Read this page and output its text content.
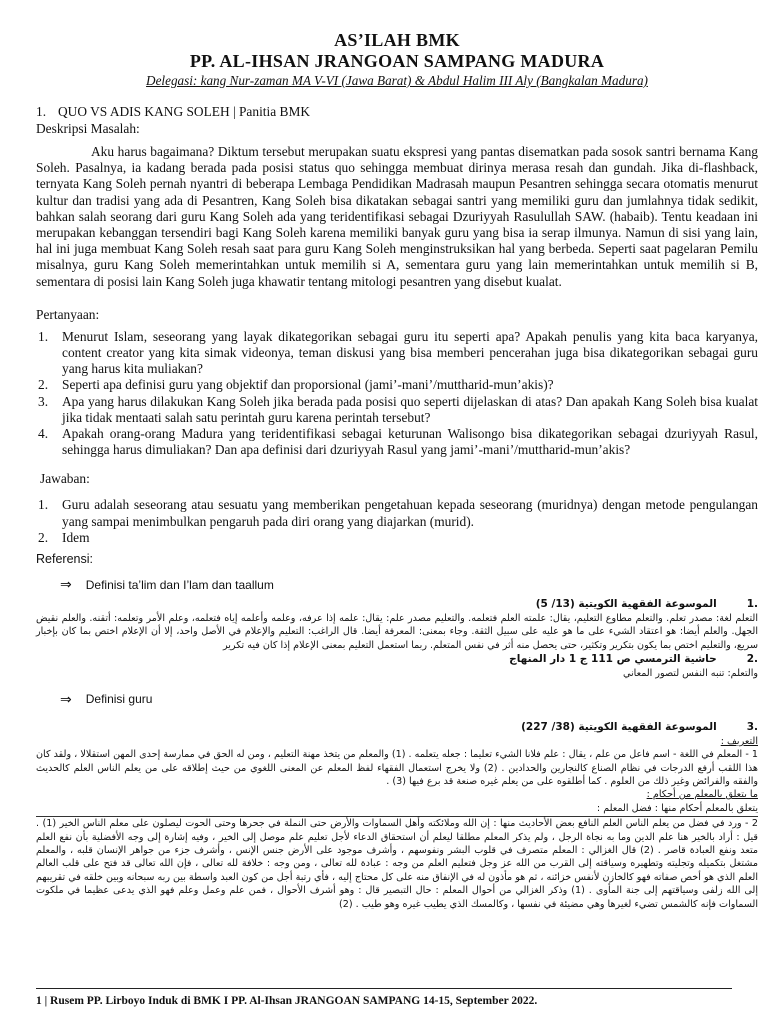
AS’ILAH BMK
PP. AL-IHSAN JRANGOAN SAMPANG MADURA
Delegasi: kang Nur-zaman MA V-VI (Jawa Barat) & Abdul Halim III Aly (Bangkalan Madura)
1. QUO VS ADIS KANG SOLEH | Panitia BMK
Deskripsi Masalah:
Aku harus bagaimana? Diktum tersebut merupakan suatu ekspresi yang pantas disematkan pada sosok santri bernama Kang Soleh. Pasalnya, ia kadang berada pada posisi status quo sehingga membuat dirinya merasa resah dan gundah. Jika di-flashback, ternyata Kang Soleh pernah nyantri di beberapa Lembaga Pendidikan Madrasah maupun Pesantren sehingga secara otomatis menurut kultur dan tradisi yang ada di Pesantren, Kang Soleh bisa dikatakan sebagai santri yang memiliki guru dan jumlahnya tidak sedikit, bahkan salah seorang dari guru Kang Soleh ada yang teridentifikasi sebagai Dzuriyyah Rasulullah SAW. (habaib). Tentu keadaan ini merupakan kebanggan tersendiri bagi Kang Soleh karena memiliki banyak guru yang bisa ia serap ilmunya. Namun di sisi yang lain, hal ini juga membuat Kang Soleh resah saat para guru Kang Soleh menginstruksikan hal yang berbeda. Seperti saat pagelaran Pemilu misalnya, guru Kang Soleh memerintahkan untuk memilih si A, sementara guru yang lain memerintahkan untuk memilih si B, sementara di posisi lain Kang Soleh juga khawatir tentang mitologi pesantren yang disebut kualat.
Pertanyaan:
1. Menurut Islam, seseorang yang layak dikategorikan sebagai guru itu seperti apa? Apakah penulis yang kita baca karyanya, content creator yang kita simak videonya, teman diskusi yang bisa memberi pencerahan juga bisa dikategorikan sebagai guru yang harus kita muliakan?
2. Seperti apa definisi guru yang objektif dan proporsional (jami’-mani’/muttharid-mun’akis)?
3. Apa yang harus dilakukan Kang Soleh jika berada pada posisi quo seperti dijelaskan di atas? Dan apakah Kang Soleh bisa kualat jika tidak mentaati salah satu perintah guru karena perintah tersebut?
4. Apakah orang-orang Madura yang teridentifikasi sebagai keturunan Walisongo bisa dikategorikan sebagai dzuriyyah Rasul, sehingga harus dimuliakan? Dan apa definisi dari dzuriyyah Rasul yang jami’-mani’/muttharid-mun’akis?
Jawaban:
1. Guru adalah seseorang atau sesuatu yang memberikan pengetahuan kepada seseorang (muridnya) dengan metode pengulangan yang sampai menimbulkan pengaruh pada diri orang yang diajarkan (murid).
2. Idem
Referensi:
⇒ Definisi ta’lim dan I’lam dan taallum
.1الموسوعة الفقهية الكويتية (13/ 5)
التعلم لغة: مصدر تعلم. والتعلم مطاوع التعليم، يقال: علمته العلم فتعلمه. والتعليم مصدر علم: يقال: علمه إذا عرفه، وعلمه وأعلمه إياه فتعلمه، وعلم الأمر وتعلمه: أتقنه. والعلم نقيض الجهل. والعلم أيضا: هو اعتقاد الشيء على ما هو عليه على سبيل الثقة. وجاء بمعنى: المعرفة أيضا. قال الراغب: التعليم والإعلام في الأصل واحد، إلا أن الإعلام اختص بما كان بإخبار سريع، والتعليم اختص بما يكون بتكرير وتكثير، حتى يحصل منه أثر في نفس المتعلم. ربما استعمل التعليم بمعنى الإعلام إذا كان فيه تكرير
.2حاشية الترمسي ص 111 ج 1 دار المنهاج
والتعلم: تنبه النفس لتصور المعاني
⇒ Definisi guru
.3الموسوعة الفقهية الكويتية (38/ 227)
التعريف :
1 - المعلم في اللغة - اسم فاعل من علم ، يقال : علم فلانا الشيء تعليما : جعله يتعلمه . (1) والمعلم من يتخذ مهنة التعليم ، ومن له الحق في ممارسة إحدى المهن استقلالا ، ولقد كان هذا اللقب أرفع الدرجات في نظام الصناع كالنجارين والحدادين . (2) ولا يخرج استعمال الفقهاء لفظ المعلم عن المعنى اللغوي من حيث إطلاقه على من يعلم الناس العلم كالحديث والفقه والفرائض وغير ذلك من العلوم . كما أطلقوه على من يعلم غيره صنعة قد برع فيها (3) .
ما يتعلق بالمعلم من أحكام :
يتعلق بالمعلم أحكام منها : فضل المعلم :
2 - ورد في فضل من يعلم الناس العلم النافع بعض الأحاديث منها : إن الله وملائكته وأهل السماوات والأرض حتى النملة في جحرها وحتى الحوت ليصلون على معلم الناس الخير (1) . قيل : أراد بالخير هنا علم الدين وما به نجاة الرجل ، ولم يذكر المعلم مطلقا ليعلم أن استحقاق الدعاء لأجل تعليم علم موصل إلى الخير ، وفيه إشارة إلى وجه الأفضلية بأن نفع العلم متعد ونفع العبادة قاصر . (2) قال الغزالي : المعلم متصرف في قلوب البشر ونفوسهم ، وأشرف موجود على الأرض جنس الإنس ، وأشرف جزء من جواهر الإنسان قلبه ، والمعلم مشتغل بتكميله وتجليته وتطهيره وسياقته إلى القرب من الله عز وجل فتعليم العلم من وجه : عبادة لله تعالى ، ومن وجه : خلافة لله تعالى ، فإن الله تعالى قد فتح على قلب العالم العلم الذي هو أخص صفاته فهو كالخازن لأنفس خزائنه ، ثم هو مأذون له في الإنفاق منه على كل محتاج إليه ، فأي رتبة أجل من كون العبد واسطة بين ربه سبحانه وبين خلقه في تقريبهم إلى الله زلفى وسياقتهم إلى جنة المأوى . (1) وذكر الغزالي من أحوال المعلم : حال التبصير قال : وهو أشرف الأحوال ، فمن علم وعمل وعلم فهو الذي يدعى عظيما في ملكوت السماوات فإنه كالشمس تضيء لغيرها وهي مضيئة في نفسها ، وكالمسك الذي يطيب غيره وهو طيب . (2)
1 | Rusem PP. Lirboyo Induk di BMK I PP. Al-Ihsan JRANGOAN SAMPANG 14-15, September 2022.
